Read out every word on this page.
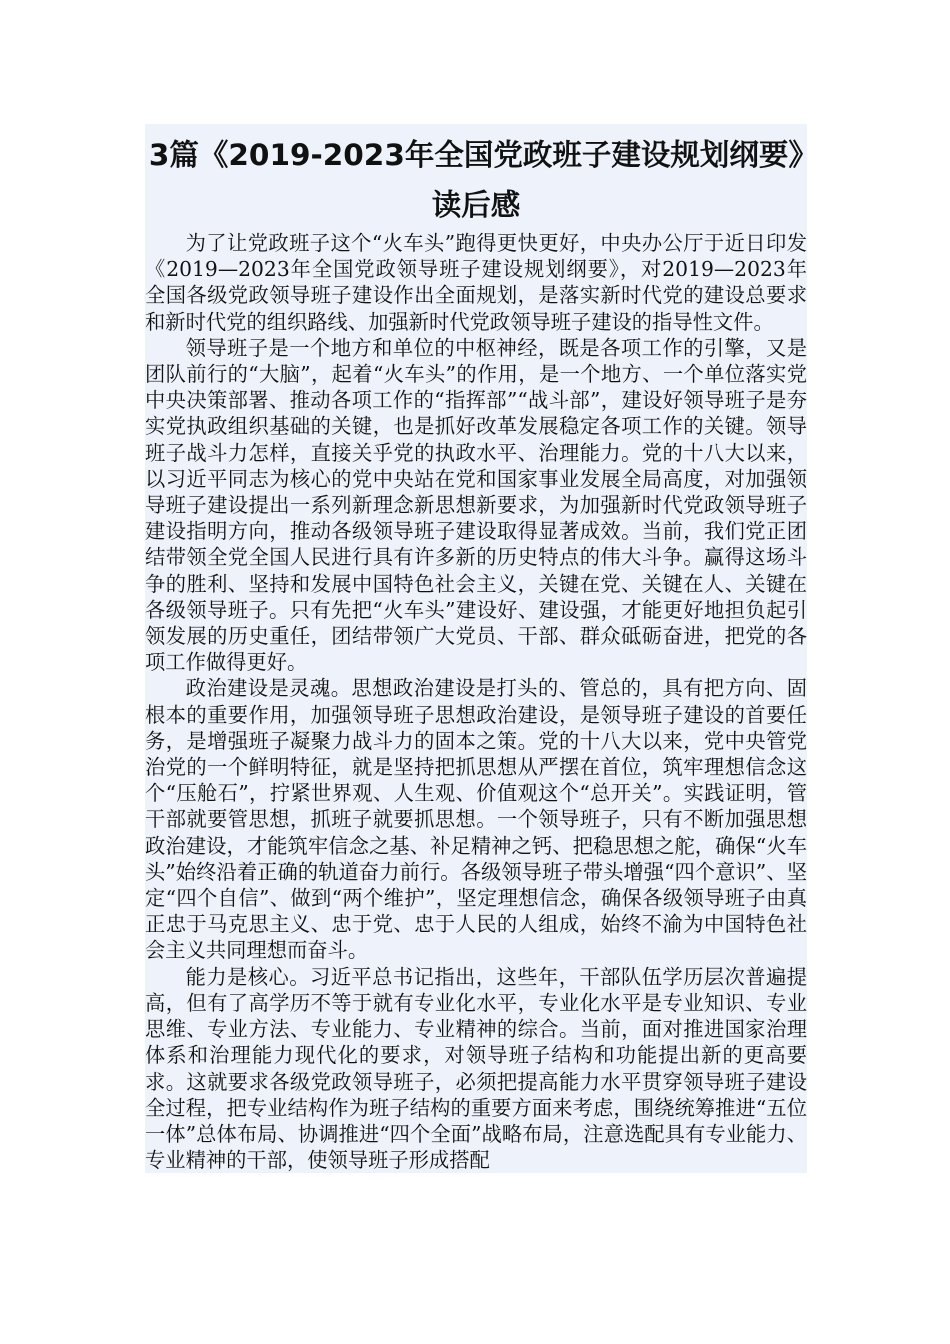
3篇《2019-2023年全国党政班子建设规划纲要》读后感

为了让党政班子这个“火车头”跑得更快更好，中央办公厅于近日印发《2019—2023年全国党政领导班子建设规划纲要》，对2019—2023年全国各级党政领导班子建设作出全面规划，是落实新时代党的建设总要求和新时代党的组织路线、加强新时代党政领导班子建设的指导性文件。

领导班子是一个地方和单位的中枢神经，既是各项工作的引擎，又是团队前行的“大脑”，起着“火车头”的作用，是一个地方、一个单位落实党中央决策部署、推动各项工作的“指挥部”“战斗部”，建设好领导班子是夯实党执政组织基础的关键，也是抓好改革发展稳定各项工作的关键。领导班子战斗力怎样，直接关乎党的执政水平、治理能力。党的十八大以来，以习近平同志为核心的党中央站在党和国家事业发展全局高度，对加强领导班子建设提出一系列新理念新思想新要求，为加强新时代党政领导班子建设指明方向，推动各级领导班子建设取得显著成效。当前，我们党正团结带领全党全国人民进行具有许多新的历史特点的伟大斗争。赢得这场斗争的胜利、坚持和发展中国特色社会主义，关键在党、关键在人、关键在各级领导班子。只有先把“火车头”建设好、建设强，才能更好地担负起引领发展的历史重任，团结带领广大党员、干部、群众砥砺奋进，把党的各项工作做得更好。

政治建设是灵魂。思想政治建设是打头的、管总的，具有把方向、固根本的重要作用，加强领导班子思想政治建设，是领导班子建设的首要任务，是增强班子凝聚力战斗力的固本之策。党的十八大以来，党中央管党治党的一个鲜明特征，就是坚持把抓思想从严摆在首位，筑牢理想信念这个“压舱石”，拧紧世界观、人生观、价值观这个“总开关”。实践证明，管干部就要管思想，抓班子就要抓思想。一个领导班子，只有不断加强思想政治建设，才能筑牢信念之基、补足精神之钙、把稳思想之舵，确保“火车头”始终沿着正确的轨道奋力前行。各级领导班子带头增强“四个意识”、坚定“四个自信”、做到“两个维护”，坚定理想信念，确保各级领导班子由真正忠于马克思主义、忠于党、忠于人民的人组成，始终不渝为中国特色社会主义共同理想而奋斗。

能力是核心。习近平总书记指出，这些年，干部队伍学历层次普遍提高，但有了高学历不等于就有专业化水平，专业化水平是专业知识、专业思维、专业方法、专业能力、专业精神的综合。当前，面对推进国家治理体系和治理能力现代化的要求，对领导班子结构和功能提出新的更高要求。这就要求各级党政领导班子，必须把提高能力水平贯穿领导班子建设全过程，把专业结构作为班子结构的重要方面来考虑，围绕统筹推进“五位一体”总体布局、协调推进“四个全面”战略布局，注意选配具有专业能力、专业精神的干部，使领导班子形成搭配
